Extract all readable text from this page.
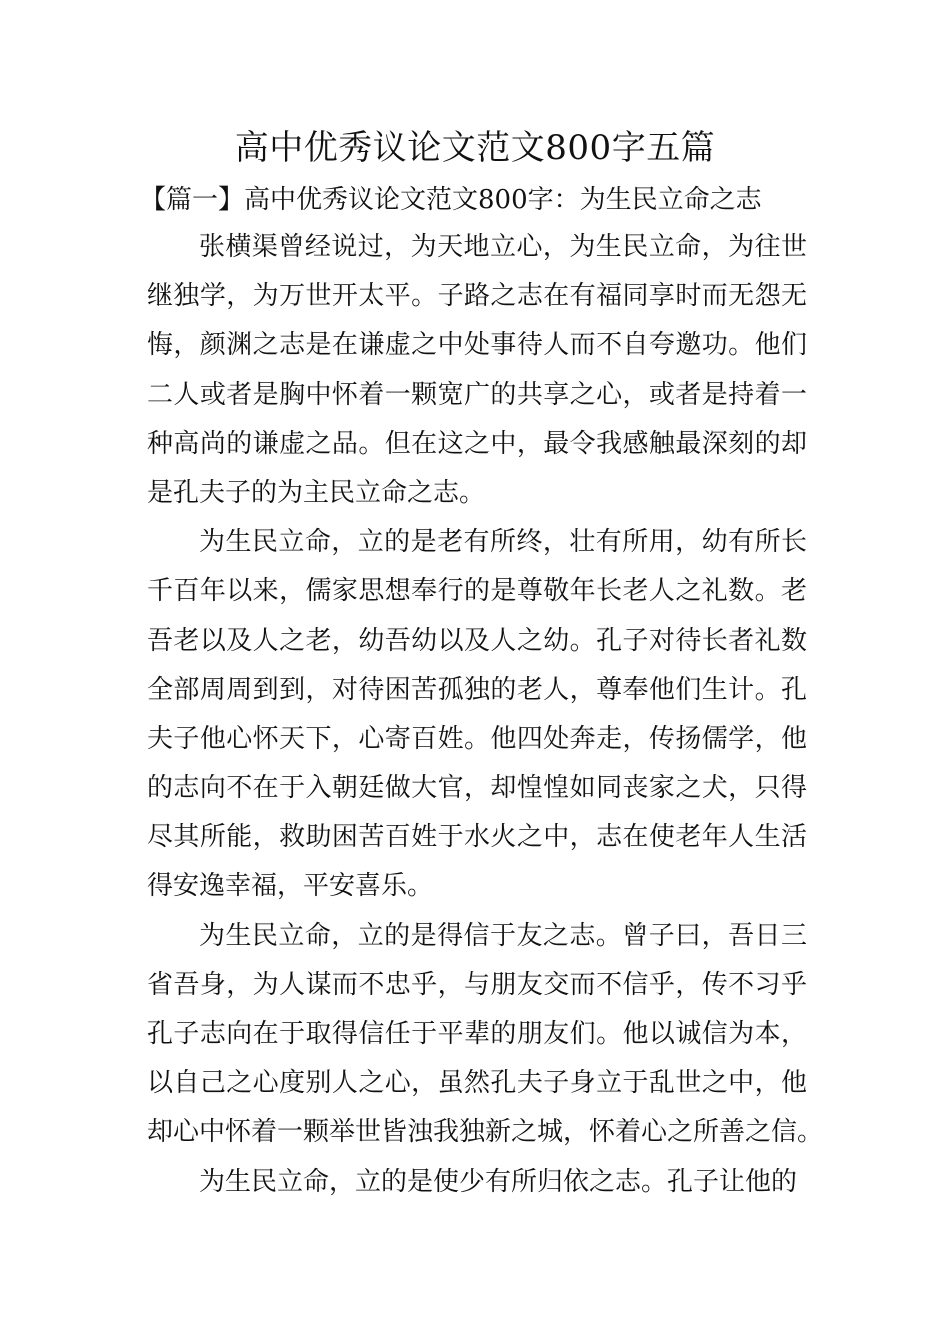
高中优秀议论文范文800字五篇
【篇一】高中优秀议论文范文800字：为生民立命之志
张横渠曾经说过，为天地立心，为生民立命，为往世
继独学，为万世开太平。子路之志在有福同享时而无怨无
悔，颜渊之志是在谦虚之中处事待人而不自夸邀功。他们
二人或者是胸中怀着一颗宽广的共享之心，或者是持着一
种高尚的谦虚之品。但在这之中，最令我感触最深刻的却
是孔夫子的为主民立命之志。
为生民立命，立的是老有所终，壮有所用，幼有所长
千百年以来，儒家思想奉行的是尊敬年长老人之礼数。老
吾老以及人之老，幼吾幼以及人之幼。孔子对待长者礼数
全部周周到到，对待困苦孤独的老人，尊奉他们生计。孔
夫子他心怀天下，心寄百姓。他四处奔走，传扬儒学，他
的志向不在于入朝廷做大官，却惶惶如同丧家之犬，只得
尽其所能，救助困苦百姓于水火之中，志在使老年人生活
得安逸幸福，平安喜乐。
为生民立命，立的是得信于友之志。曾子曰，吾日三
省吾身，为人谋而不忠乎，与朋友交而不信乎，传不习乎
孔子志向在于取得信任于平辈的朋友们。他以诚信为本，
以自己之心度别人之心，虽然孔夫子身立于乱世之中，他
却心中怀着一颗举世皆浊我独新之城，怀着心之所善之信。
为生民立命，立的是使少有所归依之志。孔子让他的
